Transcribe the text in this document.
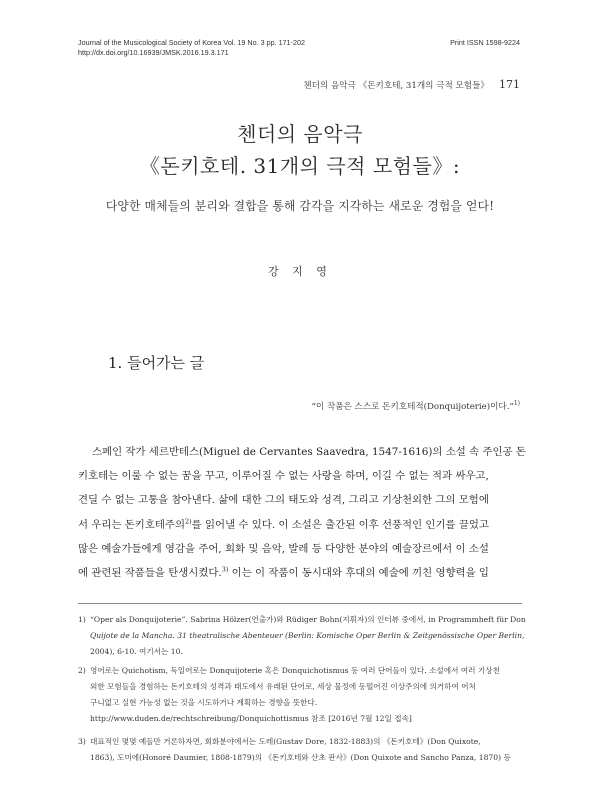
Journal of the Musicological Society of Korea Vol. 19 No. 3 pp. 171-202
http://dx.doi.org/10.16939/JMSK.2016.19.3.171
Print ISSN 1598-9224
첸더의 음악극 《돈키호테, 31개의 극적 모험들》 171
첸더의 음악극
《돈키호테. 31개의 극적 모험들》:
다양한 매체들의 분리와 결합을 통해 감각을 지각하는 새로운 경험을 얻다!
강 지 영
1. 들어가는 글
“이 작품은 스스로 돈키호테적(Donquijoterie)이다.”$^{1)}$
스페인 작가 세르반테스(Miguel de Cervantes Saavedra, 1547-1616)의 소설 속 주인공 돈
키호테는 이룰 수 없는 꿈을 꾸고, 이루어질 수 없는 사랑을 하며, 이길 수 없는 적과 싸우고,
견딜 수 없는 고통을 참아낸다. 삶에 대한 그의 태도와 성격, 그리고 기상천외한 그의 모험에
서 우리는 돈키호테주의$^{2)}$를 읽어낼 수 있다. 이 소설은 출간된 이후 선풍적인 인기를 끌었고
많은 예술가들에게 영감을 주어, 회화 및 음악, 발레 등 다양한 분야의 예술장르에서 이 소설
에 관련된 작품들을 탄생시켰다.$^{3)}$ 이는 이 작품이 동시대와 후대의 예술에 끼친 영향력을 입
1) “Oper als Donquijoterie”. Sabrina Hölzer(연출가)와 Rüdiger Bohn(지휘자)의 인터뷰 중에서, in Programmheft für Don
Quijote de la Mancha. 31 theatralische Abenteuer (Berlin: Komische Oper Berlin & Zeitgenössische Oper Berlin,
2004), 6-10. 여기서는 10.
2) 영어로는 Quichotism, 독일어로는 Donquijoterie 혹은 Donquichotismus 등 여러 단어들이 있다. 소설에서 여러 기상천
외한 모험들을 경험하는 돈키호테의 성격과 태도에서 유래된 단어로, 세상 물정에 동떨어진 이상주의에 의거하여 어처
구니없고 실현 가능성 없는 것을 시도하거나 계획하는 경향을 뜻한다.
http://www.duden.de/rechtschreibung/Donquichottismus 참조 [2016년 7월 12일 접속]
3) 대표적인 몇몇 예들만 거론하자면, 회화분야에서는 도레(Gustav Dore, 1832-1883)의 《돈키호테》(Don Quixote,
1863), 도미에(Honoré Daumier, 1808-1879)의 《돈키호테와 산초 판사》(Don Quixote and Sancho Panza, 1870) 등
